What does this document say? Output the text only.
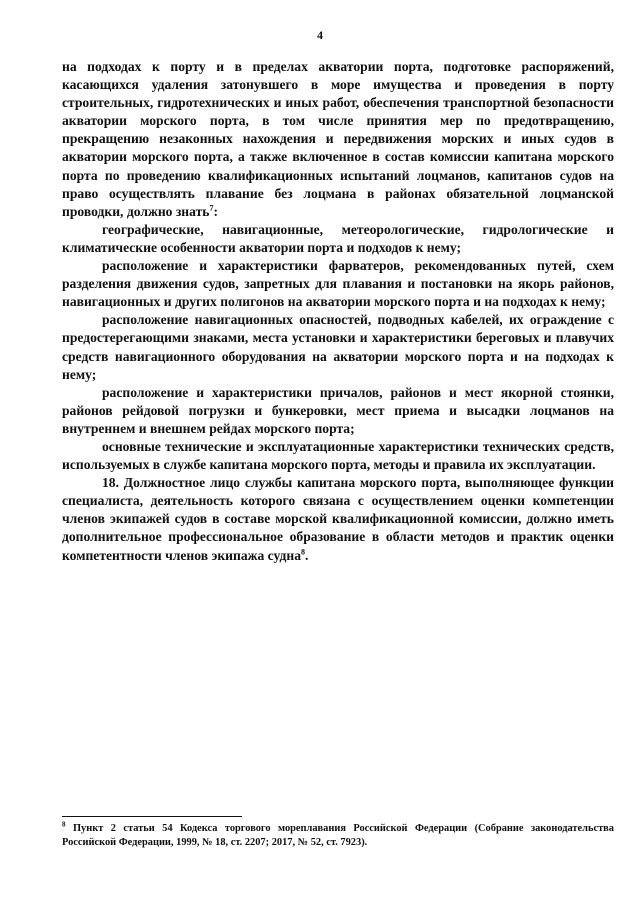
4

на подходах к порту и в пределах акватории порта, подготовке распоряжений, касающихся удаления затонувшего в море имущества и проведения в порту строительных, гидротехнических и иных работ, обеспечения транспортной безопасности акватории морского порта, в том числе принятия мер по предотвращению, прекращению незаконных нахождения и передвижения морских и иных судов в акватории морского порта, а также включенное в состав комиссии капитана морского порта по проведению квалификационных испытаний лоцманов, капитанов судов на право осуществлять плавание без лоцмана в районах обязательной лоцманской проводки, должно знать$^7$:

географические, навигационные, метеорологические, гидрологические и климатические особенности акватории порта и подходов к нему;

расположение и характеристики фарватеров, рекомендованных путей, схем разделения движения судов, запретных для плавания и постановки на якорь районов, навигационных и других полигонов на акватории морского порта и на подходах к нему;

расположение навигационных опасностей, подводных кабелей, их ограждение с предостерегающими знаками, места установки и характеристики береговых и плавучих средств навигационного оборудования на акватории морского порта и на подходах к нему;

расположение и характеристики причалов, районов и мест якорной стоянки, районов рейдовой погрузки и бункеровки, мест приема и высадки лоцманов на внутреннем и внешнем рейдах морского порта;

основные технические и эксплуатационные характеристики технических средств, используемых в службе капитана морского порта, методы и правила их эксплуатации.

18. Должностное лицо службы капитана морского порта, выполняющее функции специалиста, деятельность которого связана с осуществлением оценки компетенции членов экипажей судов в составе морской квалификационной комиссии, должно иметь дополнительное профессиональное образование в области методов и практик оценки компетентности членов экипажа судна$^8$.

$^8$ Пункт 2 статьи 54 Кодекса торгового мореплавания Российской Федерации (Собрание законодательства Российской Федерации, 1999, № 18, ст. 2207; 2017, № 52, ст. 7923).
